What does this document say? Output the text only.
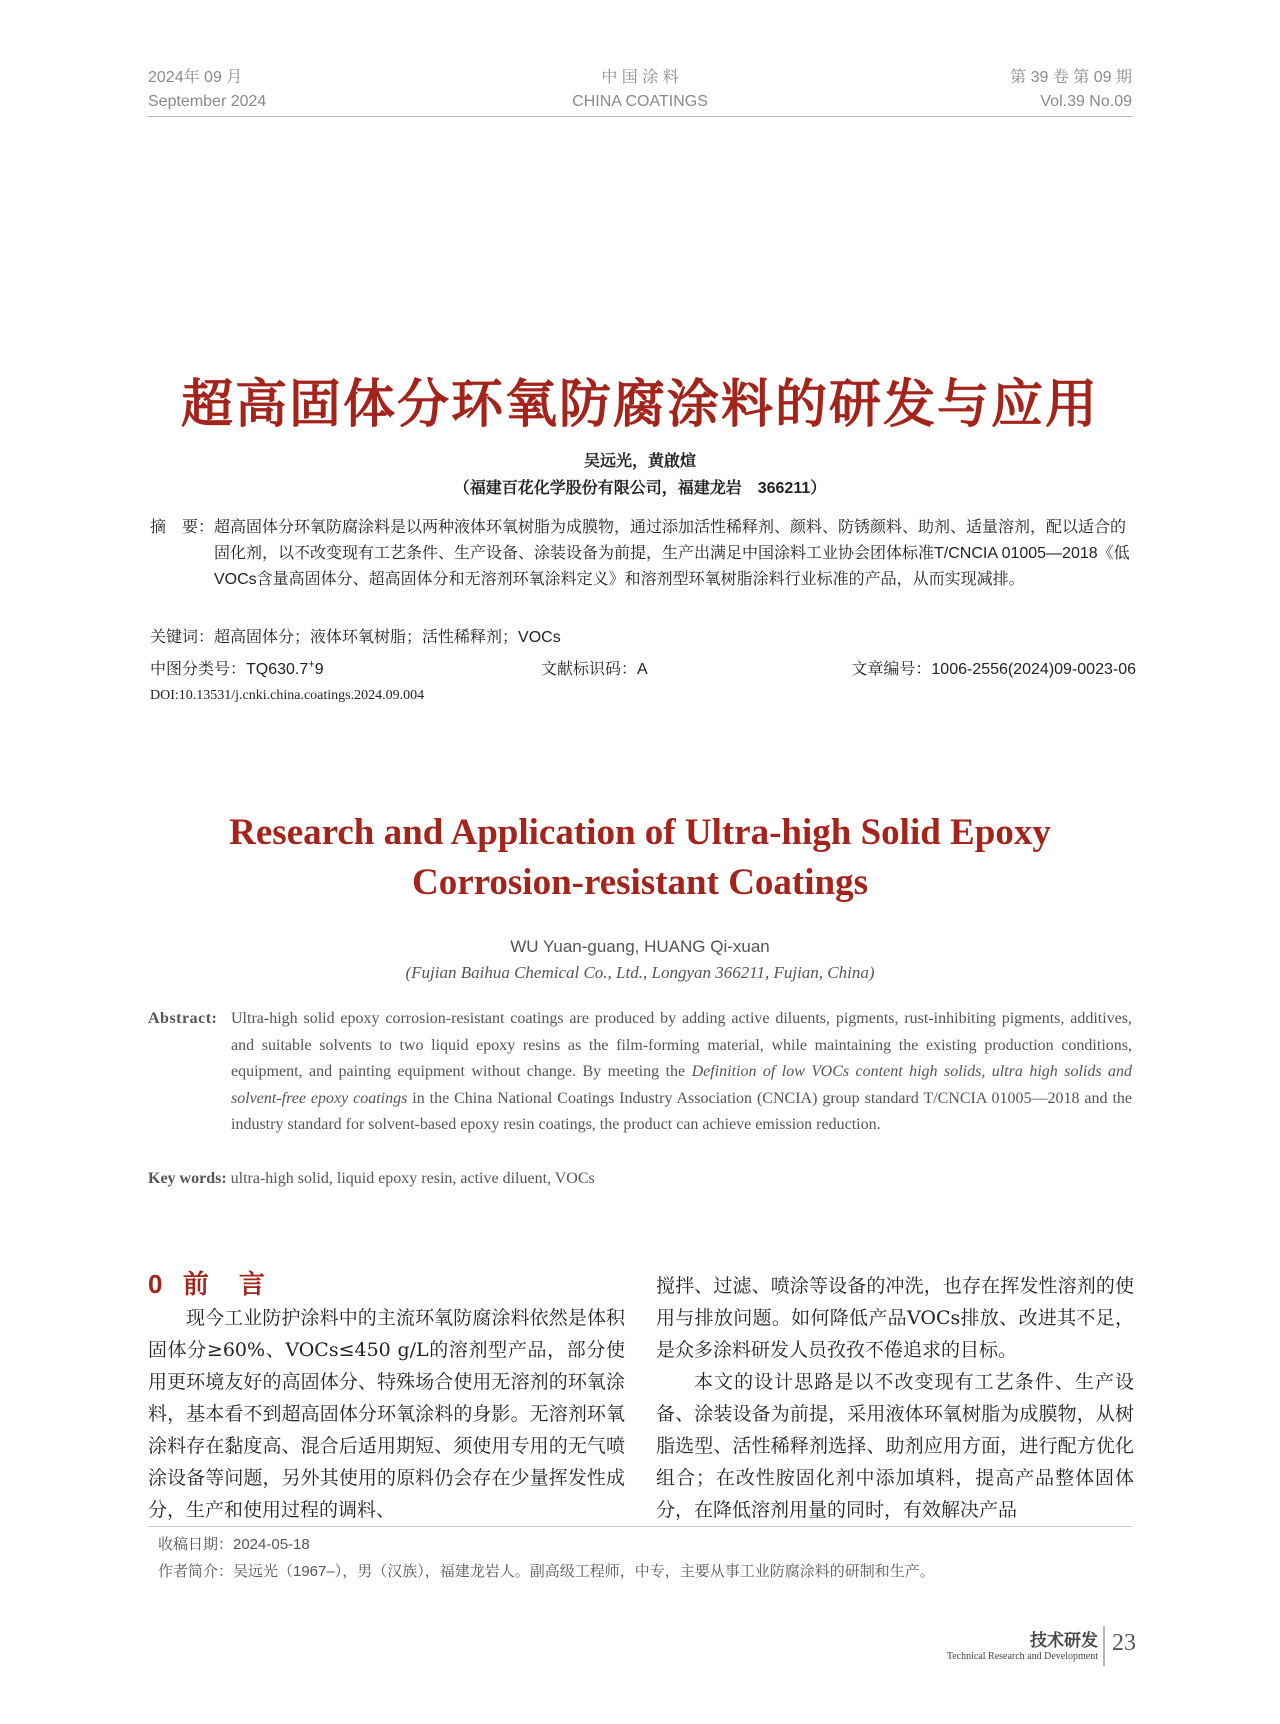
2024年 09 月
September 2024
中 国 涂 料
CHINA COATINGS
第 39 卷 第 09 期
Vol.39 No.09
超高固体分环氧防腐涂料的研发与应用
吴远光，黄啟煊
（福建百花化学股份有限公司，福建龙岩　366211）
摘　要： 超高固体分环氧防腐涂料是以两种液体环氧树脂为成膜物，通过添加活性稀释剂、颜料、防锈颜料、助剂、适量溶剂，配以适合的固化剂，以不改变现有工艺条件、生产设备、涂装设备为前提，生产出满足中国涂料工业协会团体标准T/CNCIA 01005—2018《低VOCs含量高固体分、超高固体分和无溶剂环氧涂料定义》和溶剂型环氧树脂涂料行业标准的产品，从而实现减排。
关键词：超高固体分；液体环氧树脂；活性稀释剂；VOCs
中图分类号：TQ630.7+9	文献标识码：A	文章编号：1006-2556(2024)09-0023-06
DOI:10.13531/j.cnki.china.coatings.2024.09.004
Research and Application of Ultra-high Solid Epoxy
Corrosion-resistant Coatings
WU Yuan-guang, HUANG Qi-xuan
(Fujian Baihua Chemical Co., Ltd., Longyan 366211, Fujian, China)
Abstract: Ultra-high solid epoxy corrosion-resistant coatings are produced by adding active diluents, pigments, rust-inhibiting pigments, additives, and suitable solvents to two liquid epoxy resins as the film-forming material, while maintaining the existing production conditions, equipment, and painting equipment without change. By meeting the Definition of low VOCs content high solids, ultra high solids and solvent-free epoxy coatings in the China National Coatings Industry Association (CNCIA) group standard T/CNCIA 01005—2018 and the industry standard for solvent-based epoxy resin coatings, the product can achieve emission reduction.
Key words: ultra-high solid, liquid epoxy resin, active diluent, VOCs
0 前　言

现今工业防护涂料中的主流环氧防腐涂料依然是体积固体分≥60%、VOCs≤450 g/L的溶剂型产品，部分使用更环境友好的高固体分、特殊场合使用无溶剂的环氧涂料，基本看不到超高固体分环氧涂料的身影。无溶剂环氧涂料存在黏度高、混合后适用期短、须使用专用的无气喷涂设备等问题，另外其使用的原料仍会存在少量挥发性成分，生产和使用过程的调料、

搅拌、过滤、喷涂等设备的冲洗，也存在挥发性溶剂的使用与排放问题。如何降低产品VOCs排放、改进其不足，是众多涂料研发人员孜孜不倦追求的目标。

本文的设计思路是以不改变现有工艺条件、生产设备、涂装设备为前提，采用液体环氧树脂为成膜物，从树脂选型、活性稀释剂选择、助剂应用方面，进行配方优化组合；在改性胺固化剂中添加填料，提高产品整体固体分，在降低溶剂用量的同时，有效解决产品

收稿日期：2024-05-18
作者简介：吴远光（1967–），男（汉族），福建龙岩人。副高级工程师，中专，主要从事工业防腐涂料的研制和生产。
技术研发
Technical Research and Development
23
